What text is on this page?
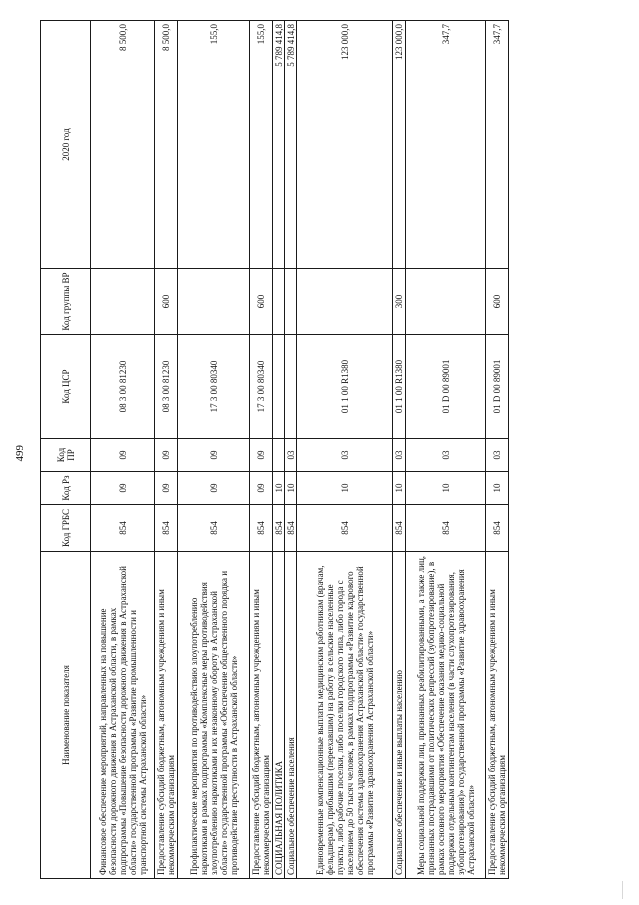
499
Наименование показателя	Код ГРБС	Код Рз	Код ПР	Код ЦСР	Код группы ВР	2020 год
Финансовое обеспечение мероприятий, направленных на повышение безопасности дорожного движения в Астраханской области, в рамках подпрограммы «Повышение безопасности дорожного движения в Астраханской области» государственной программы «Развитие промышленности и транспортной системы Астраханской области»	854	09	09	08 3 00 81230		8 500,0
Предоставление субсидий бюджетным, автономным учреждениям и иным некоммерческим организациям	854	09	09	08 3 00 81230	600	8 500,0
Профилактические мероприятия по противодействию злоупотреблению наркотиками в рамках подпрограммы «Комплексные меры противодействия злоупотреблению наркотиками и их незаконному обороту в Астраханской области» государственной программы «Обеспечение общественного порядка и противодействие преступности в Астраханской области»	854	09	09	17 3 00 80340		155,0
Предоставление субсидий бюджетным, автономным учреждениям и иным некоммерческим организациям	854	09	09	17 3 00 80340	600	155,0
СОЦИАЛЬНАЯ ПОЛИТИКА	854	10				5 789 414,8
Социальное обеспечение населения	854	10	03			5 789 414,8
Единовременные компенсационные выплаты медицинским работникам (врачам, фельдшерам), прибывшим (переехавшим) на работу в сельские населенные пункты, либо рабочие поселки, либо поселки городского типа, либо города с населением до 50 тысяч человек, в рамках подпрограммы «Развитие кадрового обеспечения системы здравоохранения Астраханской области» государственной программы «Развитие здравоохранения Астраханской области»	854	10	03	01 1 00 R1380		123 000,0
Социальное обеспечение и иные выплаты населению	854	10	03	01 1 00 R1380	300	123 000,0
Меры социальной поддержки лиц, признанных реабилитированными, а также лиц, признанных пострадавшими от политических репрессий (зубопротезирование), в рамках основного мероприятия «Обеспечение оказания медико-социальной поддержки отдельным контингентам населения (в части слухопротезирования, зубопротезирования)» государственной программы «Развитие здравоохранения Астраханской области»	854	10	03	01 D 00 89001		347,7
Предоставление субсидий бюджетным, автономным учреждениям и иным некоммерческим организациям	854	10	03	01 D 00 89001	600	347,7
———
